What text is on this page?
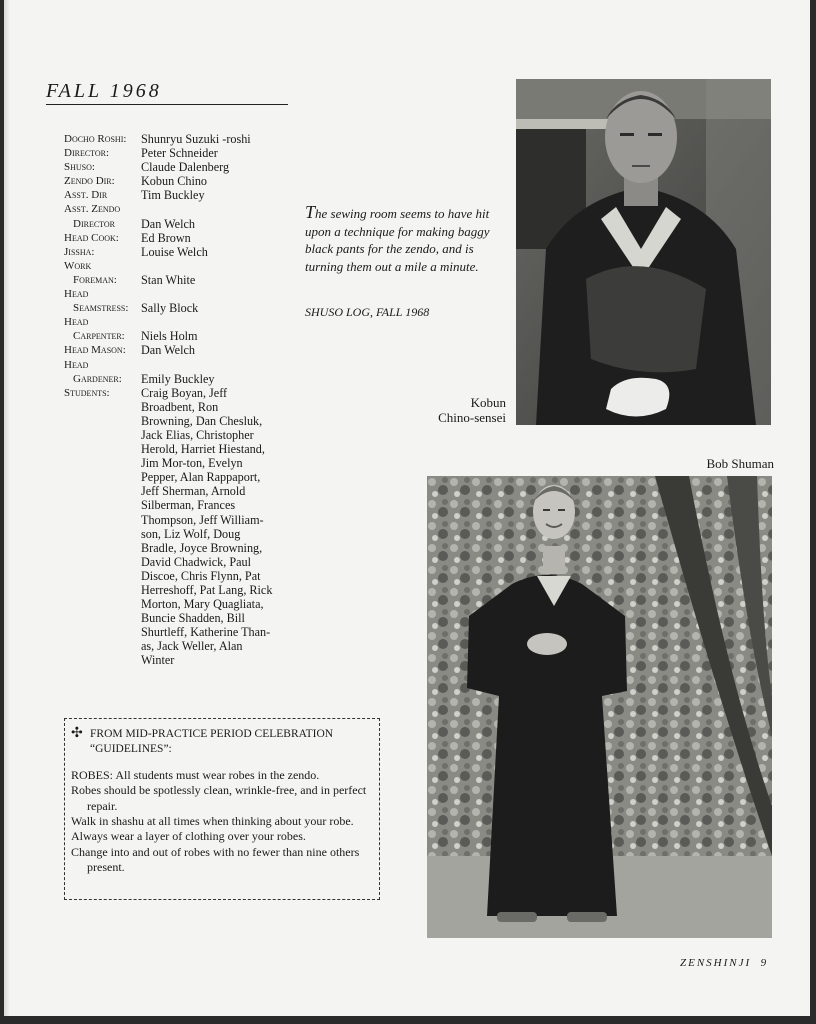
FALL 1968
Docho Roshi:	Shunryu Suzuki -roshi
Director:	Peter Schneider
Shuso:	Claude Dalenberg
Zendo Dir:	Kobun Chino
Asst. Dir	Tim Buckley
Asst. Zendo
Director	Dan Welch
Head Cook:	Ed Brown
Jissha:	Louise Welch
Work
Foreman:	Stan White
Head
Seamstress:	Sally Block
Head
Carpenter:	Niels Holm
Head Mason:	Dan Welch
Head
Gardener:	Emily Buckley
Students:	Craig Boyan, Jeff
Broadbent, Ron
Browning, Dan Chesluk,
Jack Elias, Christopher
Herold, Harriet Hiestand,
Jim Mor-ton, Evelyn
Pepper, Alan Rappaport,
Jeff Sherman, Arnold
Silberman, Frances
Thompson, Jeff William-
son, Liz Wolf, Doug
Bradle, Joyce Browning,
David Chadwick, Paul
Discoe, Chris Flynn, Pat
Herreshoff, Pat Lang, Rick
Morton, Mary Quagliata,
Buncie Shadden, Bill
Shurtleff, Katherine Than-
as, Jack Weller, Alan
Winter
The sewing room seems to have hit upon a technique for making baggy black pants for the zendo, and is turning them out a mile a minute.
SHUSO LOG, FALL 1968
Kobun
Chino-sensei
Bob Shuman
✣ FROM MID-PRACTICE PERIOD CELEBRATION
“GUIDELINES”:
ROBES: All students must wear robes in the zendo.
Robes should be spotlessly clean, wrinkle-free, and in perfect repair.
Walk in shashu at all times when thinking about your robe.
Always wear a layer of clothing over your robes.
Change into and out of robes with no fewer than nine others present.
ZENSHINJI 9
